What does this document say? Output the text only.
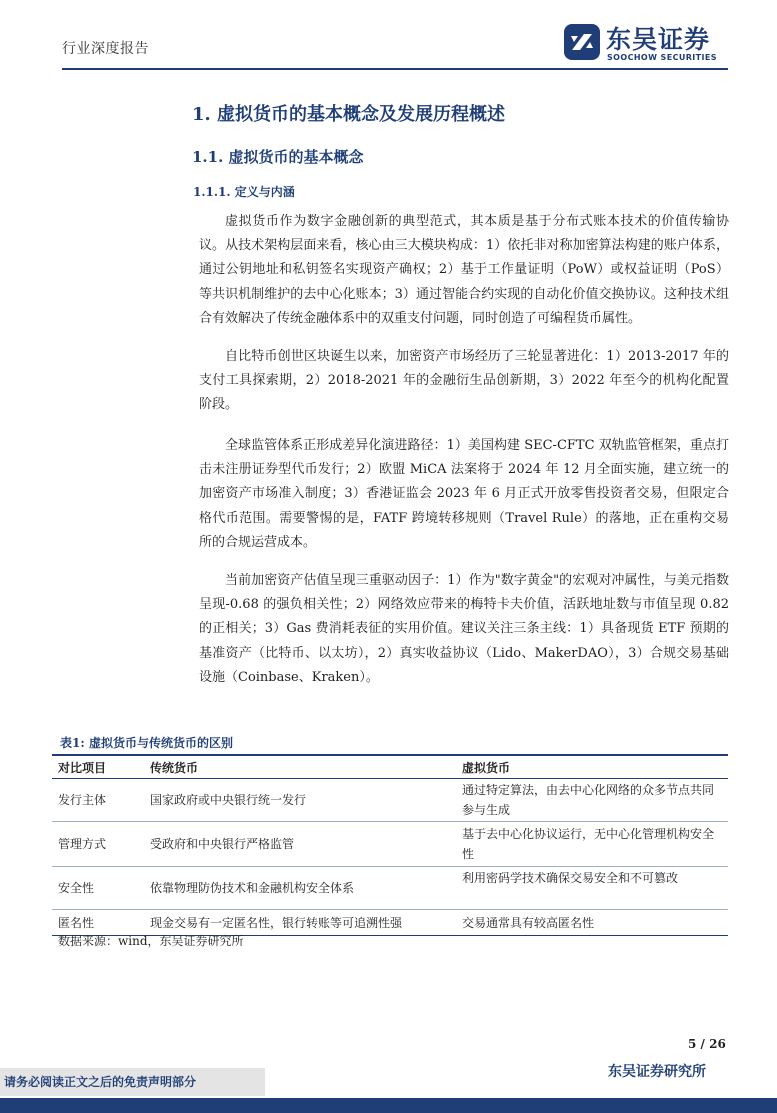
行业深度报告	东吴证券
SOOCHOW SECURITIES
1. 虚拟货币的基本概念及发展历程概述
1.1. 虚拟货币的基本概念
1.1.1. 定义与内涵

虚拟货币作为数字金融创新的典型范式，其本质是基于分布式账本技术的价值传输协议。从技术架构层面来看，核心由三大模块构成：1）依托非对称加密算法构建的账户体系，通过公钥地址和私钥签名实现资产确权；2）基于工作量证明（PoW）或权益证明（PoS）等共识机制维护的去中心化账本；3）通过智能合约实现的自动化价值交换协议。这种技术组合有效解决了传统金融体系中的双重支付问题，同时创造了可编程货币属性。

自比特币创世区块诞生以来，加密资产市场经历了三轮显著进化：1）2013-2017 年的支付工具探索期，2）2018-2021 年的金融衍生品创新期，3）2022 年至今的机构化配置阶段。

全球监管体系正形成差异化演进路径：1）美国构建 SEC-CFTC 双轨监管框架，重点打击未注册证券型代币发行；2）欧盟 MiCA 法案将于 2024 年 12 月全面实施，建立统一的加密资产市场准入制度；3）香港证监会 2023 年 6 月正式开放零售投资者交易，但限定合格代币范围。需要警惕的是，FATF 跨境转移规则（Travel Rule）的落地，正在重构交易所的合规运营成本。

当前加密资产估值呈现三重驱动因子：1）作为"数字黄金"的宏观对冲属性，与美元指数呈现-0.68 的强负相关性；2）网络效应带来的梅特卡夫价值，活跃地址数与市值呈现 0.82 的正相关；3）Gas 费消耗表征的实用价值。建议关注三条主线：1）具备现货 ETF 预期的基准资产（比特币、以太坊），2）真实收益协议（Lido、MakerDAO），3）合规交易基础设施（Coinbase、Kraken）。

表1: 虚拟货币与传统货币的区别
对比项目	传统货币	虚拟货币
发行主体	国家政府或中央银行统一发行	通过特定算法，由去中心化网络的众多节点共同参与生成
管理方式	受政府和中央银行严格监管	基于去中心化协议运行，无中心化管理机构安全性
安全性	依靠物理防伪技术和金融机构安全体系	利用密码学技术确保交易安全和不可篡改
匿名性	现金交易有一定匿名性，银行转账等可追溯性强	交易通常具有较高匿名性
数据来源：wind，东吴证券研究所
5 / 26
请务必阅读正文之后的免责声明部分
东吴证券研究所
